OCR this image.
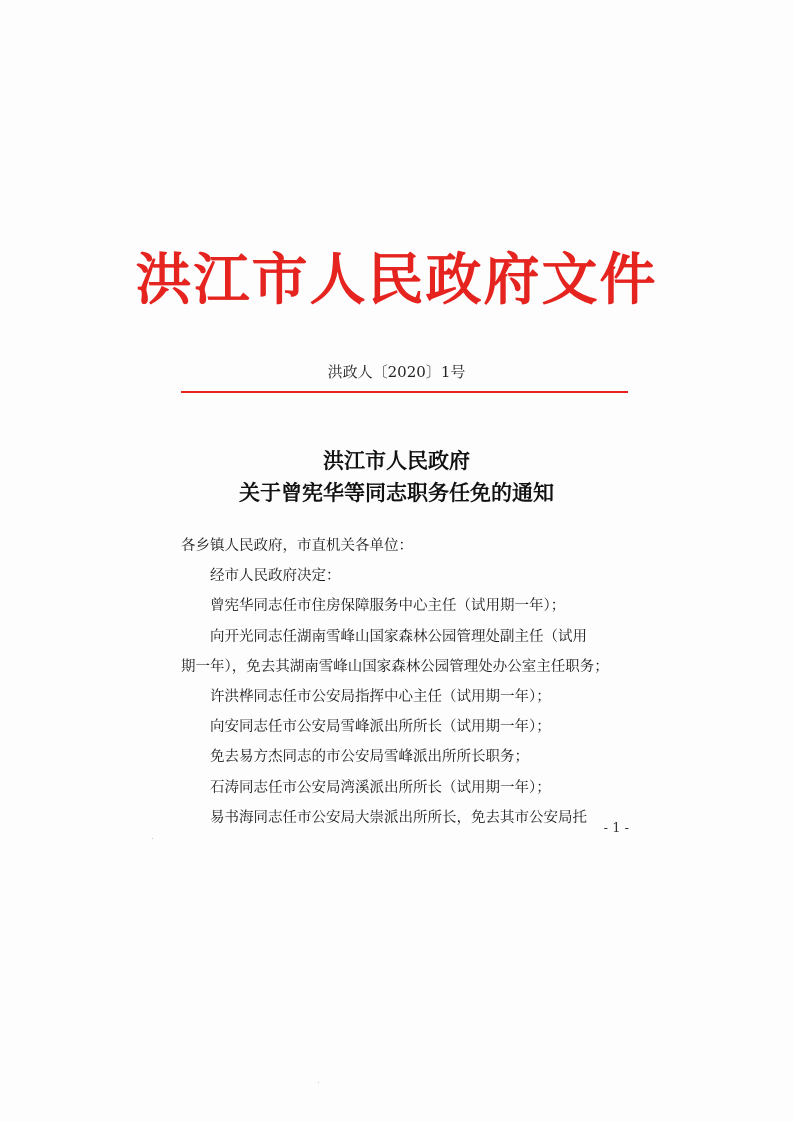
洪江市人民政府文件
洪政人〔2020〕1号
洪江市人民政府
关于曾宪华等同志职务任免的通知

各乡镇人民政府，市直机关各单位：

经市人民政府决定：

曾宪华同志任市住房保障服务中心主任（试用期一年）；

向开光同志任湖南雪峰山国家森林公园管理处副主任（试用

期一年），免去其湖南雪峰山国家森林公园管理处办公室主任职务；

许洪桦同志任市公安局指挥中心主任（试用期一年）；

向安同志任市公安局雪峰派出所所长（试用期一年）；

免去易方杰同志的市公安局雪峰派出所所长职务；

石涛同志任市公安局湾溪派出所所长（试用期一年）；

易书海同志任市公安局大崇派出所所长，免去其市公安局托

- 1 -
